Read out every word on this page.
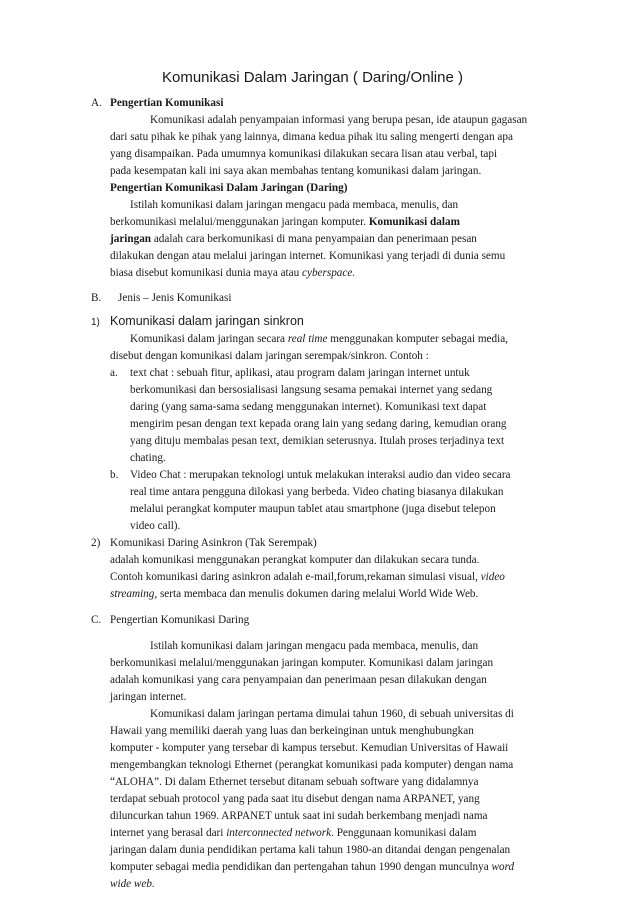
Komunikasi Dalam Jaringan ( Daring/Online )
A. Pengertian Komunikasi
Komunikasi adalah penyampaian informasi yang berupa pesan, ide ataupun gagasan
dari satu pihak ke pihak yang lainnya, dimana kedua pihak itu saling mengerti dengan apa
yang disampaikan. Pada umumnya komunikasi dilakukan secara lisan atau verbal, tapi
pada kesempatan kali ini saya akan membahas tentang komunikasi dalam jaringan.
Pengertian Komunikasi Dalam Jaringan (Daring)
Istilah komunikasi dalam jaringan mengacu pada membaca, menulis, dan
berkomunikasi melalui/menggunakan jaringan komputer. Komunikasi dalam
jaringan adalah cara berkomunikasi di mana penyampaian dan penerimaan pesan
dilakukan dengan atau melalui jaringan internet. Komunikasi yang terjadi di dunia semu
biasa disebut komunikasi dunia maya atau cyberspace.
B. Jenis – Jenis Komunikasi
1) Komunikasi dalam jaringan sinkron
Komunikasi dalam jaringan secara real time menggunakan komputer sebagai media,
disebut dengan komunikasi dalam jaringan serempak/sinkron. Contoh :
a. text chat : sebuah fitur, aplikasi, atau program dalam jaringan internet untuk
berkomunikasi dan bersosialisasi langsung sesama pemakai internet yang sedang
daring (yang sama-sama sedang menggunakan internet). Komunikasi text dapat
mengirim pesan dengan text kepada orang lain yang sedang daring, kemudian orang
yang dituju membalas pesan text, demikian seterusnya. Itulah proses terjadinya text
chating.
b. Video Chat : merupakan teknologi untuk melakukan interaksi audio dan video secara
real time antara pengguna dilokasi yang berbeda. Video chating biasanya dilakukan
melalui perangkat komputer maupun tablet atau smartphone (juga disebut telepon
video call).
2) Komunikasi Daring Asinkron (Tak Serempak)
adalah komunikasi menggunakan perangkat komputer dan dilakukan secara tunda.
Contoh komunikasi daring asinkron adalah e-mail,forum,rekaman simulasi visual, video
streaming, serta membaca dan menulis dokumen daring melalui World Wide Web.
C. Pengertian Komunikasi Daring
Istilah komunikasi dalam jaringan mengacu pada membaca, menulis, dan
berkomunikasi melalui/menggunakan jaringan komputer. Komunikasi dalam jaringan
adalah komunikasi yang cara penyampaian dan penerimaan pesan dilakukan dengan
jaringan internet.
Komunikasi dalam jaringan pertama dimulai tahun 1960, di sebuah universitas di
Hawaii yang memiliki daerah yang luas dan berkeinginan untuk menghubungkan
komputer - komputer yang tersebar di kampus tersebut. Kemudian Universitas of Hawaii
mengembangkan teknologi Ethernet (perangkat komunikasi pada komputer) dengan nama
“ALOHA”. Di dalam Ethernet tersebut ditanam sebuah software yang didalamnya
terdapat sebuah protocol yang pada saat itu disebut dengan nama ARPANET, yang
diluncurkan tahun 1969. ARPANET untuk saat ini sudah berkembang menjadi nama
internet yang berasal dari interconnected network. Penggunaan komunikasi dalam
jaringan dalam dunia pendidikan pertama kali tahun 1980-an ditandai dengan pengenalan
komputer sebagai media pendidikan dan pertengahan tahun 1990 dengan munculnya word
wide web.
